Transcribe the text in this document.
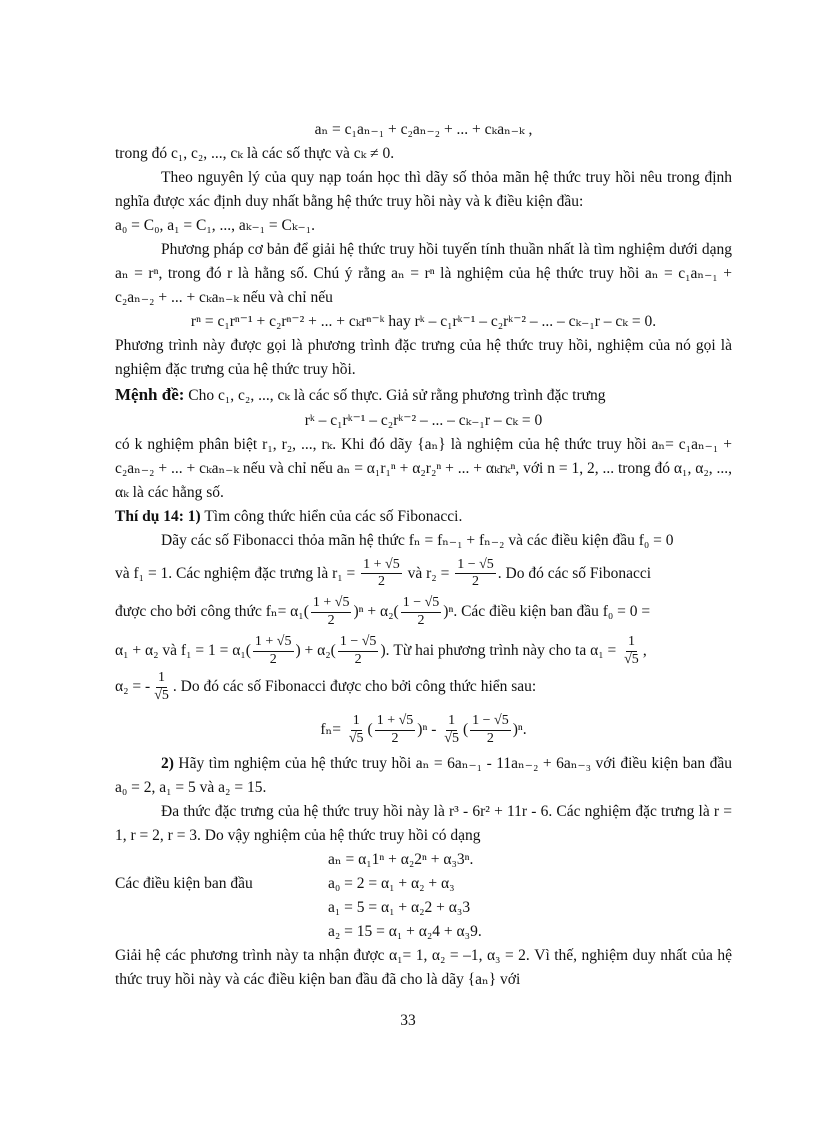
aₙ = c₁aₙ₋₁ + c₂aₙ₋₂ + ... + cₖaₙ₋ₖ ,

trong đó c₁, c₂, ..., cₖ là các số thực và cₖ ≠ 0.

Theo nguyên lý của quy nạp toán học thì dãy số thỏa mãn hệ thức truy hồi nêu trong định nghĩa được xác định duy nhất bằng hệ thức truy hồi này và k điều kiện đầu:

a₀ = C₀, a₁ = C₁, ..., aₖ₋₁ = Cₖ₋₁.

Phương pháp cơ bản để giải hệ thức truy hồi tuyến tính thuần nhất là tìm nghiệm dưới dạng aₙ = rⁿ, trong đó r là hằng số. Chú ý rằng aₙ = rⁿ là nghiệm của hệ thức truy hồi aₙ = c₁aₙ₋₁ + c₂aₙ₋₂ + ... + cₖaₙ₋ₖ nếu và chỉ nếu

rⁿ = c₁rⁿ⁻¹ + c₂rⁿ⁻² + ... + cₖrⁿ⁻ᵏ hay rᵏ – c₁rᵏ⁻¹ – c₂rᵏ⁻² – ... – cₖ₋₁r – cₖ = 0.

Phương trình này được gọi là phương trình đặc trưng của hệ thức truy hồi, nghiệm của nó gọi là nghiệm đặc trưng của hệ thức truy hồi.

Mệnh đề: Cho c₁, c₂, ..., cₖ là các số thực. Giả sử rằng phương trình đặc trưng

rᵏ – c₁rᵏ⁻¹ – c₂rᵏ⁻² – ... – cₖ₋₁r – cₖ = 0

có k nghiệm phân biệt r₁, r₂, ..., rₖ. Khi đó dãy {aₙ} là nghiệm của hệ thức truy hồi aₙ= c₁aₙ₋₁ + c₂aₙ₋₂ + ... + cₖaₙ₋ₖ nếu và chỉ nếu aₙ = α₁r₁ⁿ + α₂r₂ⁿ + ... + αₖrₖⁿ, với n = 1, 2, ... trong đó α₁, α₂, ..., αₖ là các hằng số.

Thí dụ 14: 1) Tìm công thức hiển của các số Fibonacci.

Dãy các số Fibonacci thỏa mãn hệ thức fₙ = fₙ₋₁ + fₙ₋₂ và các điều kiện đầu f₀ = 0

và f₁ = 1. Các nghiệm đặc trưng là $r_1 = \frac{1 + √5}{2}$ và $r_2 = \frac{1 - √5}{2}$ . Do đó các số Fibonacci

được cho bởi công thức $f_n= \alpha_1( \frac{1 + √5}{2} )^n + \alpha_2( \frac{1 - √5}{2} )^n$. Các điều kiện ban đầu f₀ = 0 =

α₁ + α₂ và $f_1 = 1 = \alpha_1( \frac{1 + √5}{2}$ ) + $\alpha_2( \frac{1 - √5}{2}$ ). Từ hai phương trình này cho ta $\alpha_1 = \frac{1}{√5}$ ,

α₂ = - $\frac{1}{√5}$ . Do đó các số Fibonacci được cho bởi công thức hiển sau:

$f_n= \frac{1}{√5}$ ( $\frac{1 + √5}{2} )^n - \frac{1}{√5}$ ( $\frac{1 - √5}{2} )^n$.

2) Hãy tìm nghiệm của hệ thức truy hồi aₙ = 6aₙ₋₁ - 11aₙ₋₂ + 6aₙ₋₃ với điều kiện ban đầu a₀ = 2, a₁ = 5 và a₂ = 15.

Đa thức đặc trưng của hệ thức truy hồi này là r³ - 6r² + 11r - 6. Các nghiệm đặc trưng là r = 1, r = 2, r = 3. Do vậy nghiệm của hệ thức truy hồi có dạng

aₙ = α₁1ⁿ + α₂2ⁿ + α₃3ⁿ.

Các điều kiện ban đầu	a₀ = 2 = α₁ + α₂ + α₃

a₁ = 5 = α₁ + α₂2 + α₃3

a₂ = 15 = α₁ + α₂4 + α₃9.

Giải hệ các phương trình này ta nhận được α₁= 1, α₂ = –1, α₃ = 2. Vì thế, nghiệm duy nhất của hệ thức truy hồi này và các điều kiện ban đầu đã cho là dãy {aₙ} với

33
